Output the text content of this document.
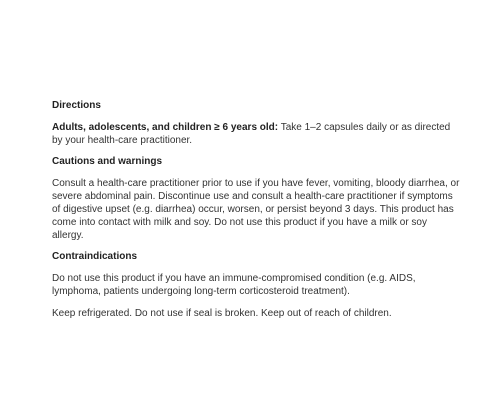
Directions

Adults, adolescents, and children ≥ 6 years old: Take 1–2 capsules daily or as directed by your health-care practitioner.

Cautions and warnings

Consult a health-care practitioner prior to use if you have fever, vomiting, bloody diarrhea, or severe abdominal pain. Discontinue use and consult a health-care practitioner if symptoms of digestive upset (e.g. diarrhea) occur, worsen, or persist beyond 3 days. This product has come into contact with milk and soy. Do not use this product if you have a milk or soy allergy.

Contraindications

Do not use this product if you have an immune-compromised condition (e.g. AIDS, lymphoma, patients undergoing long-term corticosteroid treatment).

Keep refrigerated. Do not use if seal is broken. Keep out of reach of children.
